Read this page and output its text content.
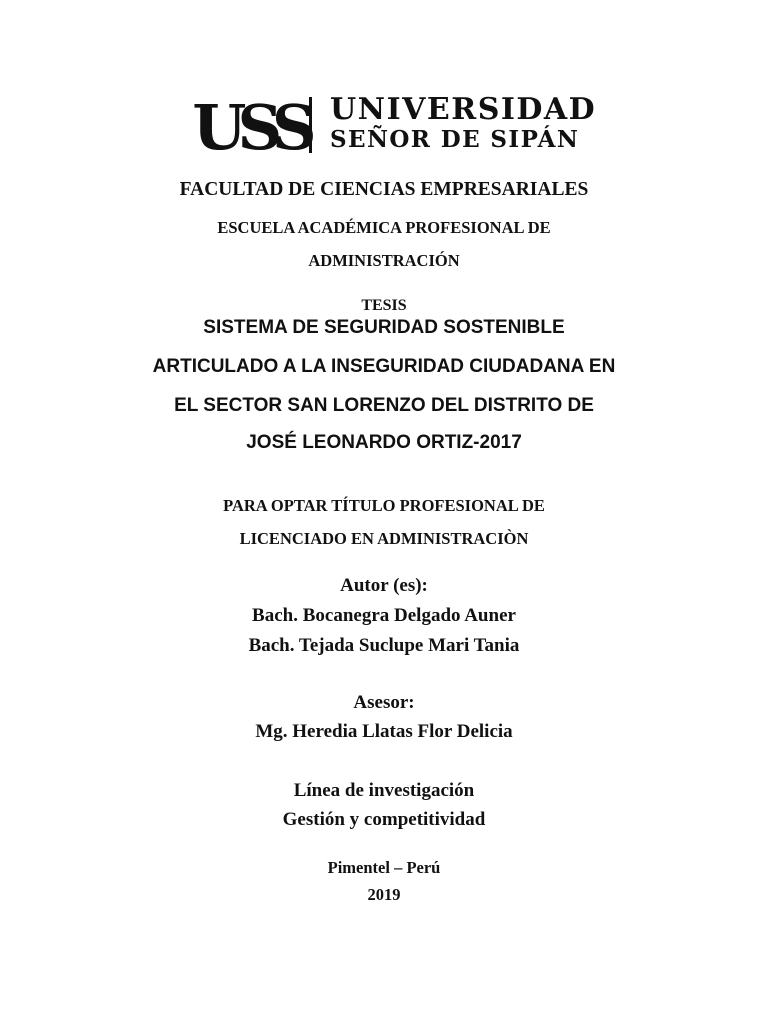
USS UNIVERSIDAD
SEÑOR DE SIPÁN
FACULTAD DE CIENCIAS EMPRESARIALES
ESCUELA ACADÉMICA PROFESIONAL DE
ADMINISTRACIÓN
TESIS
SISTEMA DE SEGURIDAD SOSTENIBLE
ARTICULADO A LA INSEGURIDAD CIUDADANA EN
EL SECTOR SAN LORENZO DEL DISTRITO DE
JOSÉ LEONARDO ORTIZ-2017
PARA OPTAR TÍTULO PROFESIONAL DE
LICENCIADO EN ADMINISTRACIÒN
Autor (es):
Bach. Bocanegra Delgado Auner
Bach. Tejada Suclupe Mari Tania
Asesor:
Mg. Heredia Llatas Flor Delicia
Línea de investigación
Gestión y competitividad
Pimentel – Perú
2019
